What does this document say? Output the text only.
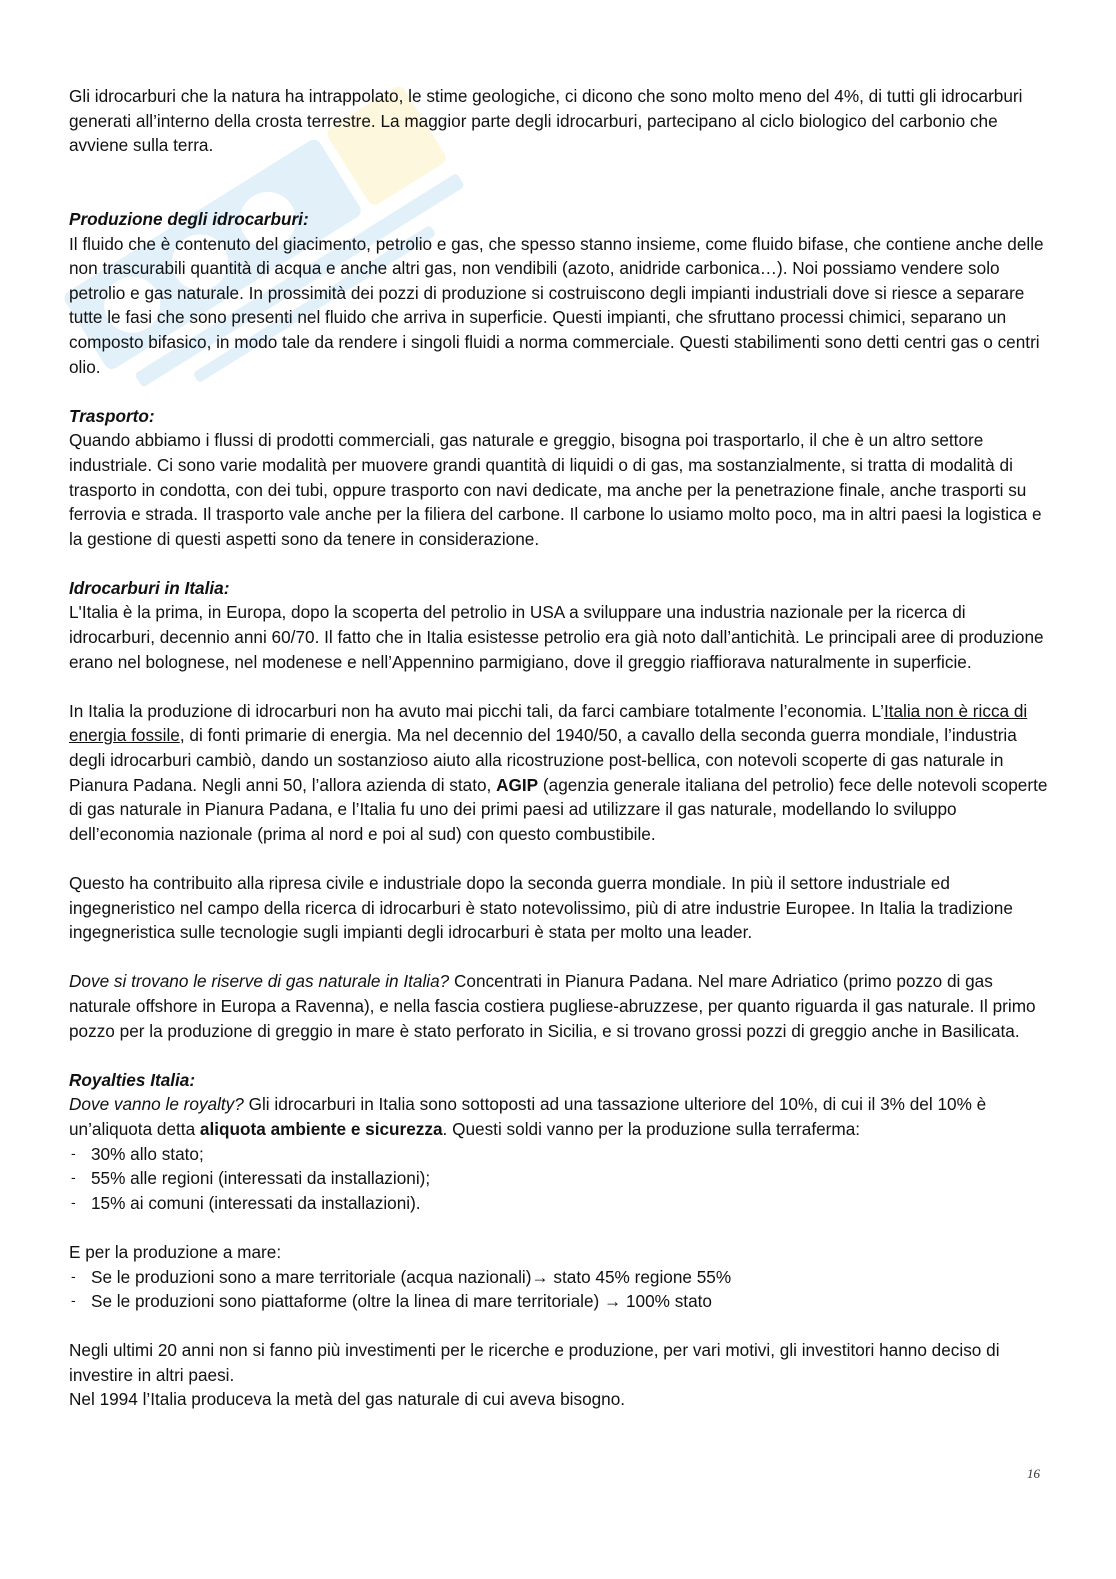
Gli idrocarburi che la natura ha intrappolato, le stime geologiche, ci dicono che sono molto meno del 4%, di tutti gli idrocarburi generati all’interno della crosta terrestre. La maggior parte degli idrocarburi, partecipano al ciclo biologico del carbonio che avviene sulla terra.

Produzione degli idrocarburi:

Il fluido che è contenuto del giacimento, petrolio e gas, che spesso stanno insieme, come fluido bifase, che contiene anche delle non trascurabili quantità di acqua e anche altri gas, non vendibili (azoto, anidride carbonica…). Noi possiamo vendere solo petrolio e gas naturale. In prossimità dei pozzi di produzione si costruiscono degli impianti industriali dove si riesce a separare tutte le fasi che sono presenti nel fluido che arriva in superficie. Questi impianti, che sfruttano processi chimici, separano un composto bifasico, in modo tale da rendere i singoli fluidi a norma commerciale. Questi stabilimenti sono detti centri gas o centri olio.

Trasporto:

Quando abbiamo i flussi di prodotti commerciali, gas naturale e greggio, bisogna poi trasportarlo, il che è un altro settore industriale. Ci sono varie modalità per muovere grandi quantità di liquidi o di gas, ma sostanzialmente, si tratta di modalità di trasporto in condotta, con dei tubi, oppure trasporto con navi dedicate, ma anche per la penetrazione finale, anche trasporti su ferrovia e strada. Il trasporto vale anche per la filiera del carbone. Il carbone lo usiamo molto poco, ma in altri paesi la logistica e la gestione di questi aspetti sono da tenere in considerazione.

Idrocarburi in Italia:

L'Italia è la prima, in Europa, dopo la scoperta del petrolio in USA a sviluppare una industria nazionale per la ricerca di idrocarburi, decennio anni 60/70. Il fatto che in Italia esistesse petrolio era già noto dall’antichità. Le principali aree di produzione erano nel bolognese, nel modenese e nell’Appennino parmigiano, dove il greggio riaffiorava naturalmente in superficie.

In Italia la produzione di idrocarburi non ha avuto mai picchi tali, da farci cambiare totalmente l’economia. L’Italia non è ricca di energia fossile, di fonti primarie di energia. Ma nel decennio del 1940/50, a cavallo della seconda guerra mondiale, l’industria degli idrocarburi cambiò, dando un sostanzioso aiuto alla ricostruzione post-bellica, con notevoli scoperte di gas naturale in Pianura Padana. Negli anni 50, l’allora azienda di stato, AGIP (agenzia generale italiana del petrolio) fece delle notevoli scoperte di gas naturale in Pianura Padana, e l’Italia fu uno dei primi paesi ad utilizzare il gas naturale, modellando lo sviluppo dell’economia nazionale (prima al nord e poi al sud) con questo combustibile.

Questo ha contribuito alla ripresa civile e industriale dopo la seconda guerra mondiale. In più il settore industriale ed ingegneristico nel campo della ricerca di idrocarburi è stato notevolissimo, più di atre industrie Europee. In Italia la tradizione ingegneristica sulle tecnologie sugli impianti degli idrocarburi è stata per molto una leader.

Dove si trovano le riserve di gas naturale in Italia? Concentrati in Pianura Padana. Nel mare Adriatico (primo pozzo di gas naturale offshore in Europa a Ravenna), e nella fascia costiera pugliese-abruzzese, per quanto riguarda il gas naturale. Il primo pozzo per la produzione di greggio in mare è stato perforato in Sicilia, e si trovano grossi pozzi di greggio anche in Basilicata.

Royalties Italia:

Dove vanno le royalty? Gli idrocarburi in Italia sono sottoposti ad una tassazione ulteriore del 10%, di cui il 3% del 10% è un’aliquota detta aliquota ambiente e sicurezza. Questi soldi vanno per la produzione sulla terraferma:

- 30% allo stato;
- 55% alle regioni (interessati da installazioni);
- 15% ai comuni (interessati da installazioni).

E per la produzione a mare:

- Se le produzioni sono a mare territoriale (acqua nazionali)→ stato 45% regione 55%
- Se le produzioni sono piattaforme (oltre la linea di mare territoriale) → 100% stato

Negli ultimi 20 anni non si fanno più investimenti per le ricerche e produzione, per vari motivi, gli investitori hanno deciso di investire in altri paesi.

Nel 1994 l’Italia produceva la metà del gas naturale di cui aveva bisogno.

16
